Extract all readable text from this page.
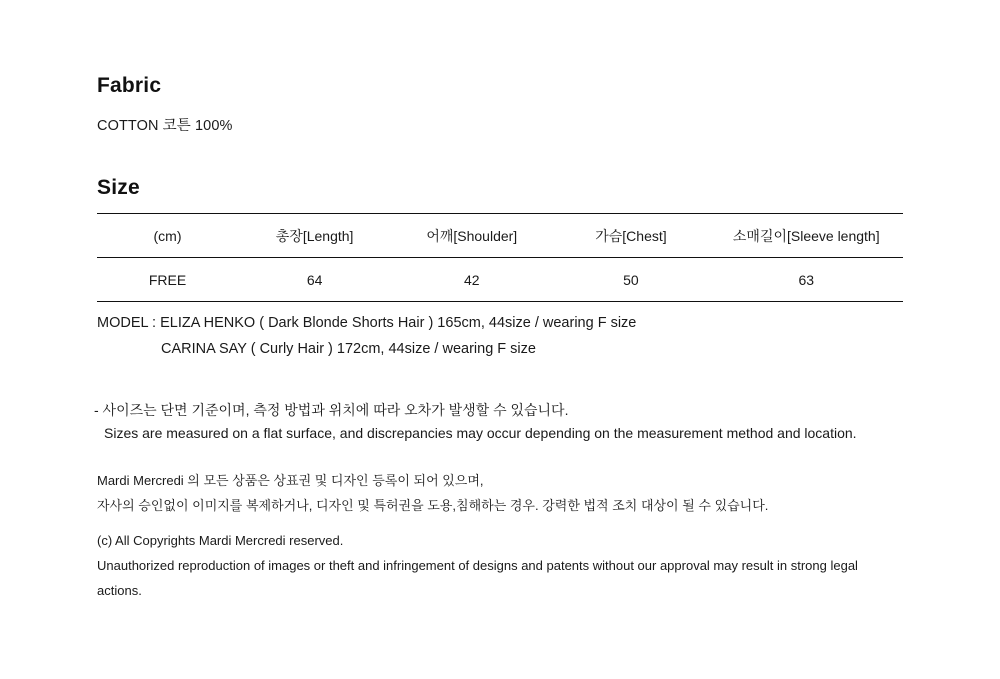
Fabric
COTTON 코튼 100%
Size
(cm)	총장[Length]	어깨[Shoulder]	가슴[Chest]	소매길이[Sleeve length]
FREE	64	42	50	63
MODEL : ELIZA HENKO ( Dark Blonde Shorts Hair ) 165cm, 44size / wearing F size
CARINA SAY ( Curly Hair ) 172cm, 44size / wearing F size
- 사이즈는 단면 기준이며, 측정 방법과 위치에 따라 오차가 발생할 수 있습니다.
Sizes are measured on a flat surface, and discrepancies may occur depending on the measurement method and location.
Mardi Mercredi 의 모든 상품은 상표권 및 디자인 등록이 되어 있으며,
자사의 승인없이 이미지를 복제하거나, 디자인 및 특허권을 도용,침해하는 경우. 강력한 법적 조치 대상이 될 수 있습니다.
(c) All Copyrights Mardi Mercredi reserved.
Unauthorized reproduction of images or theft and infringement of designs and patents without our approval may result in strong legal actions.
